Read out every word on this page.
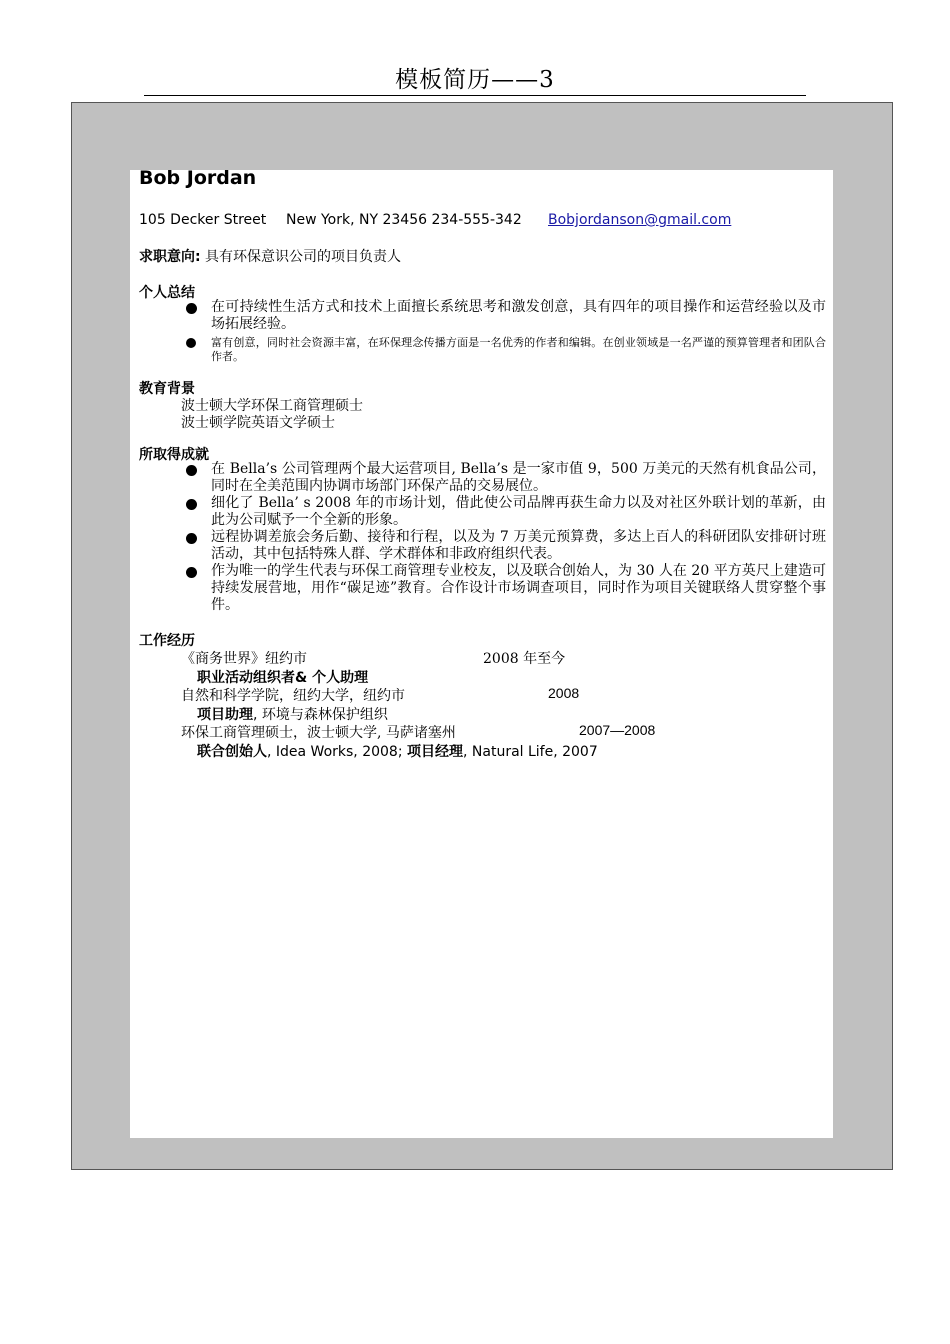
模板简历——3
Bob Jordan
105 Decker Street New York, NY 23456 234-555-342 Bobjordanson@gmail.com
求职意向: 具有环保意识公司的项目负责人
个人总结
在可持续性生活方式和技术上面擅长系统思考和激发创意，具有四年的项目操作和运营经验以及市场拓展经验。
富有创意，同时社会资源丰富，在环保理念传播方面是一名优秀的作者和编辑。在创业领域是一名严谨的预算管理者和团队合作者。
教育背景
波士顿大学环保工商管理硕士
波士顿学院英语文学硕士
所取得成就
在 Bella’s 公司管理两个最大运营项目, Bella’s 是一家市值 9，500 万美元的天然有机食品公司，同时在全美范围内协调市场部门环保产品的交易展位。
细化了 Bella’ s 2008 年的市场计划，借此使公司品牌再获生命力以及对社区外联计划的革新，由此为公司赋予一个全新的形象。
远程协调差旅会务后勤、接待和行程，以及为 7 万美元预算费，多达上百人的科研团队安排研讨班活动，其中包括特殊人群、学术群体和非政府组织代表。
作为唯一的学生代表与环保工商管理专业校友，以及联合创始人，为 30 人在 20 平方英尺上建造可持续发展营地，用作“碳足迹”教育。合作设计市场调查项目，同时作为项目关键联络人贯穿整个事件。
工作经历
《商务世界》纽约市	2008 年至今
职业活动组织者& 个人助理
自然和科学学院，纽约大学，纽约市	2008
项目助理, 环境与森林保护组织
环保工商管理硕士，波士顿大学, 马萨诸塞州	2007—2008
联合创始人, Idea Works, 2008; 项目经理, Natural Life, 2007
